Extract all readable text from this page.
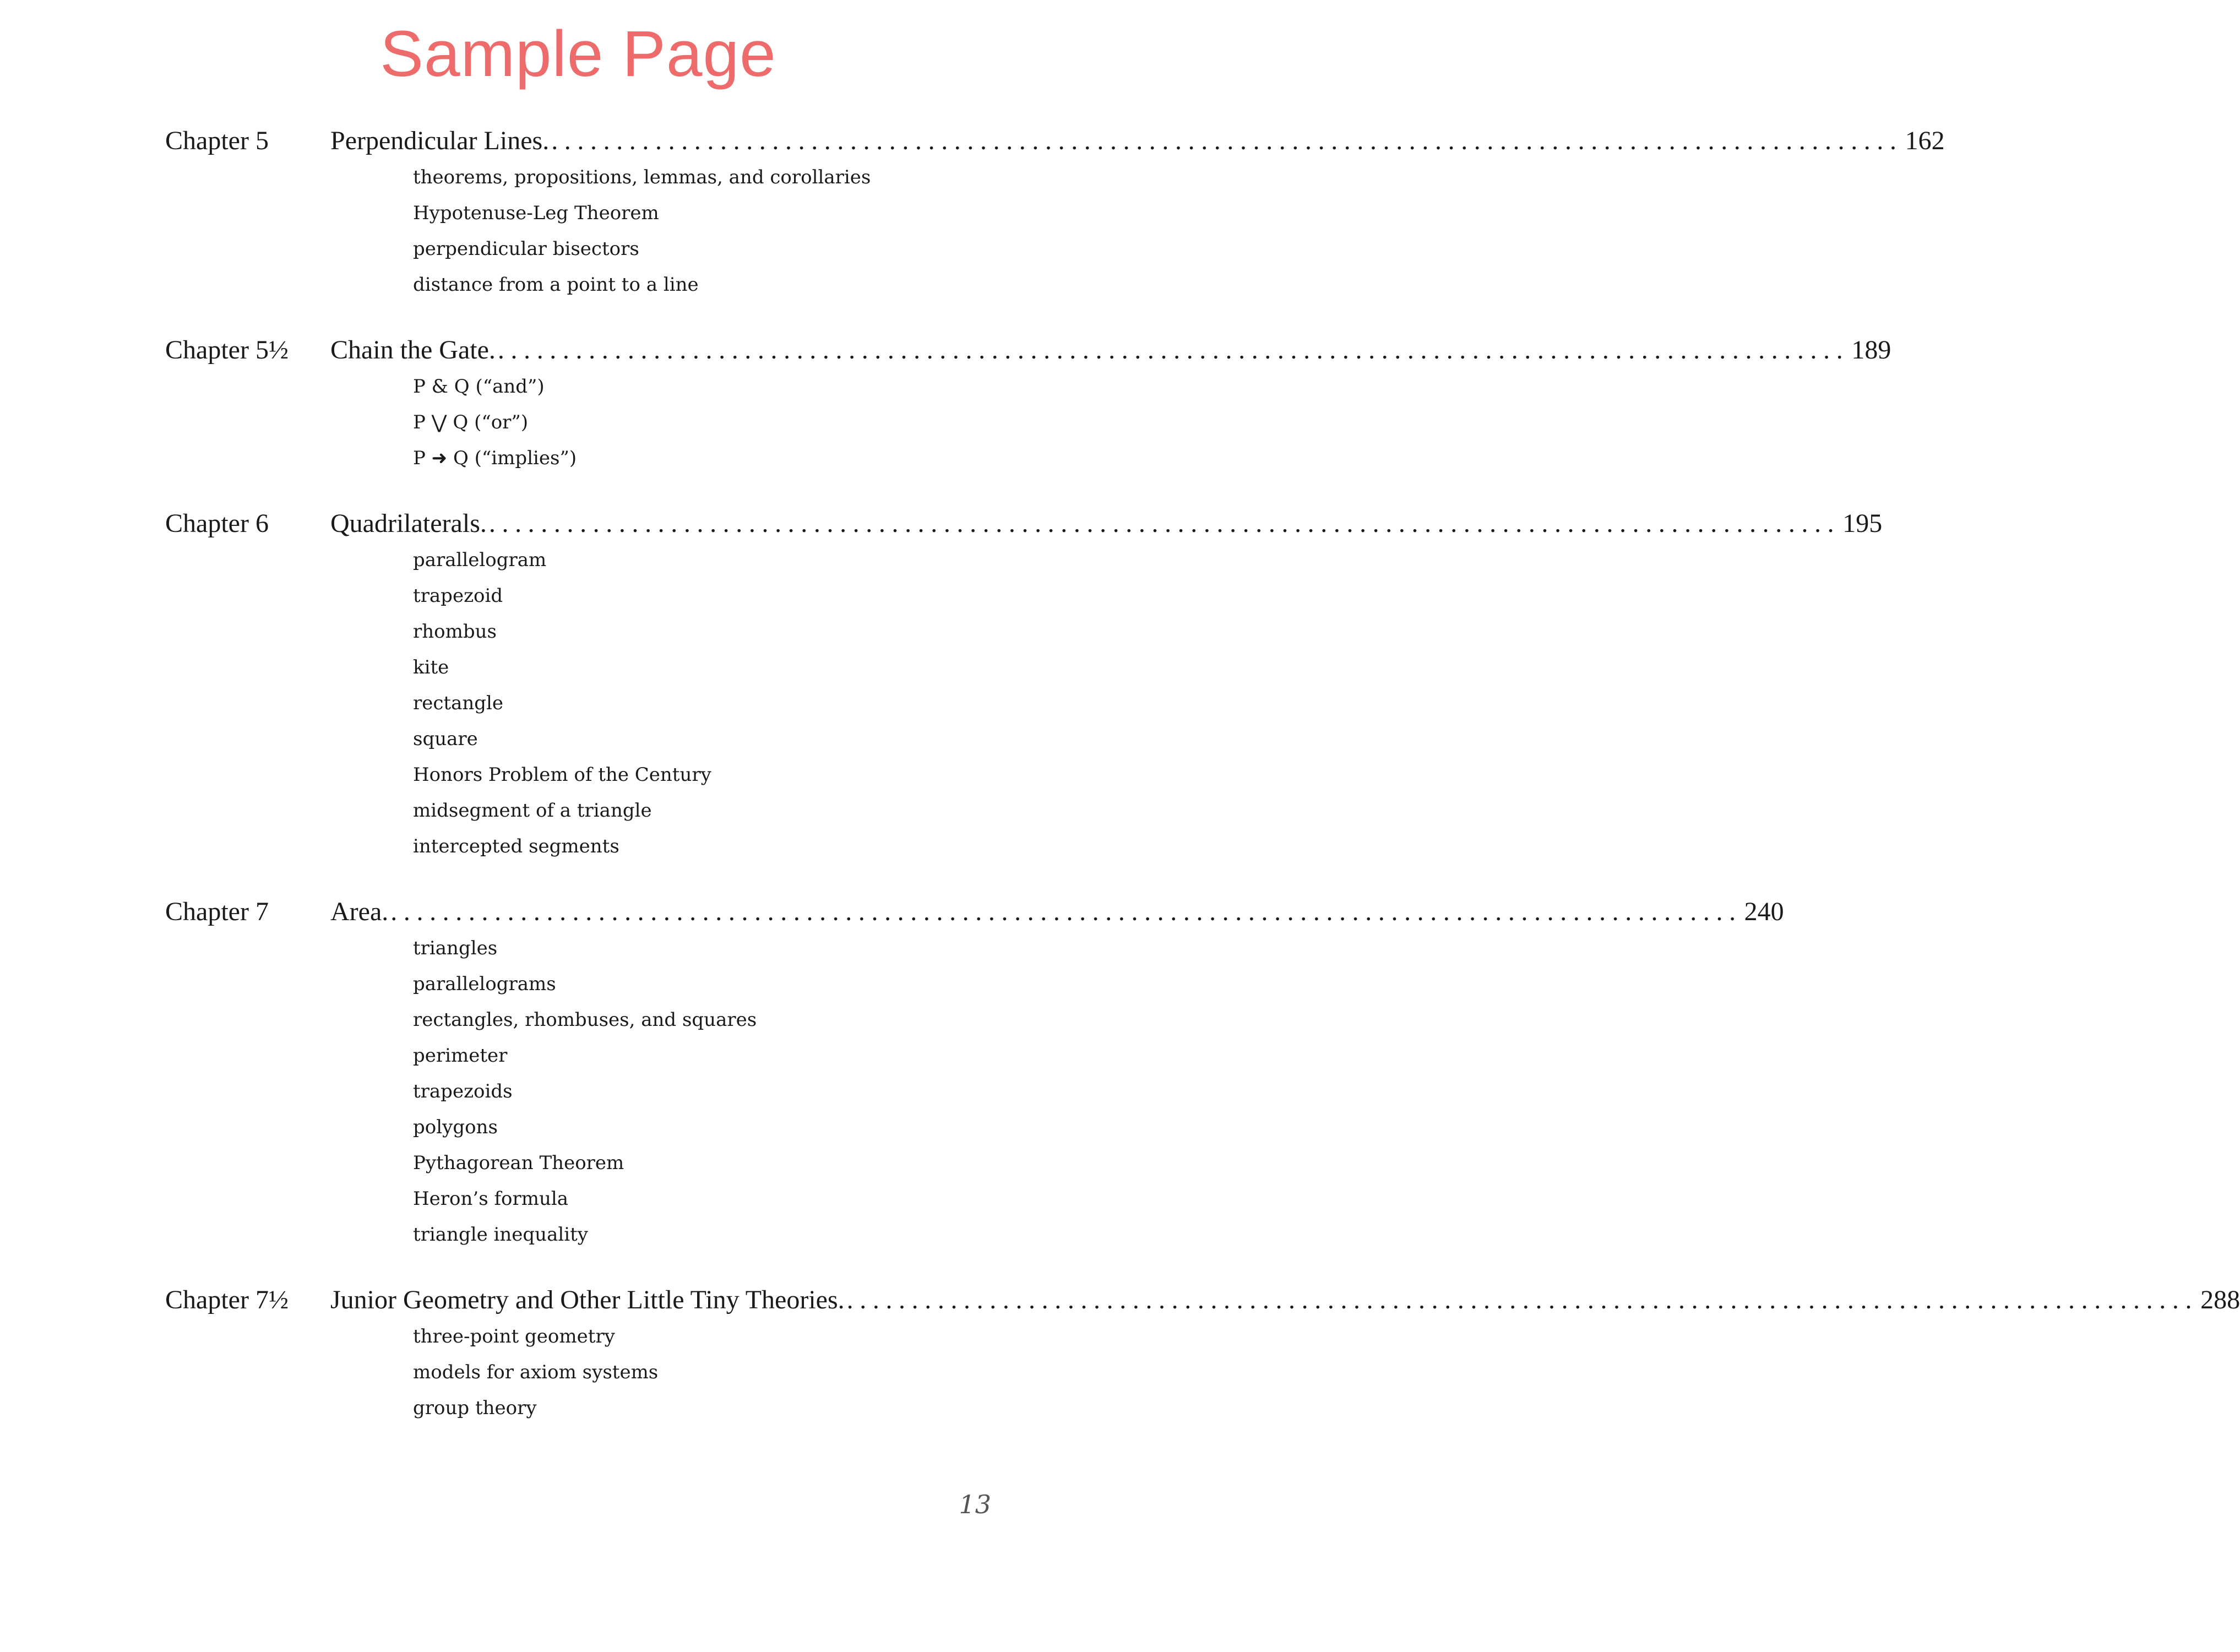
Sample Page
Chapter 5 Perpendicular Lines. ........................................................................................................ 162
theorems, propositions, lemmas, and corollaries
Hypotenuse-Leg Theorem
perpendicular bisectors
distance from a point to a line
Chapter 5½ Chain the Gate. ........................................................................................................ 189
P & Q (“and”)
P ⋁ Q (“or”)
P ➜ Q (“implies”)
Chapter 6 Quadrilaterals. ........................................................................................................ 195
parallelogram
trapezoid
rhombus
kite
rectangle
square
Honors Problem of the Century
midsegment of a triangle
intercepted segments
Chapter 7 Area. ........................................................................................................ 240
triangles
parallelograms
rectangles, rhombuses, and squares
perimeter
trapezoids
polygons
Pythagorean Theorem
Heron’s formula
triangle inequality
Chapter 7½ Junior Geometry and Other Little Tiny Theories. ........................................................................................................ 288
three-point geometry
models for axiom systems
group theory
13
